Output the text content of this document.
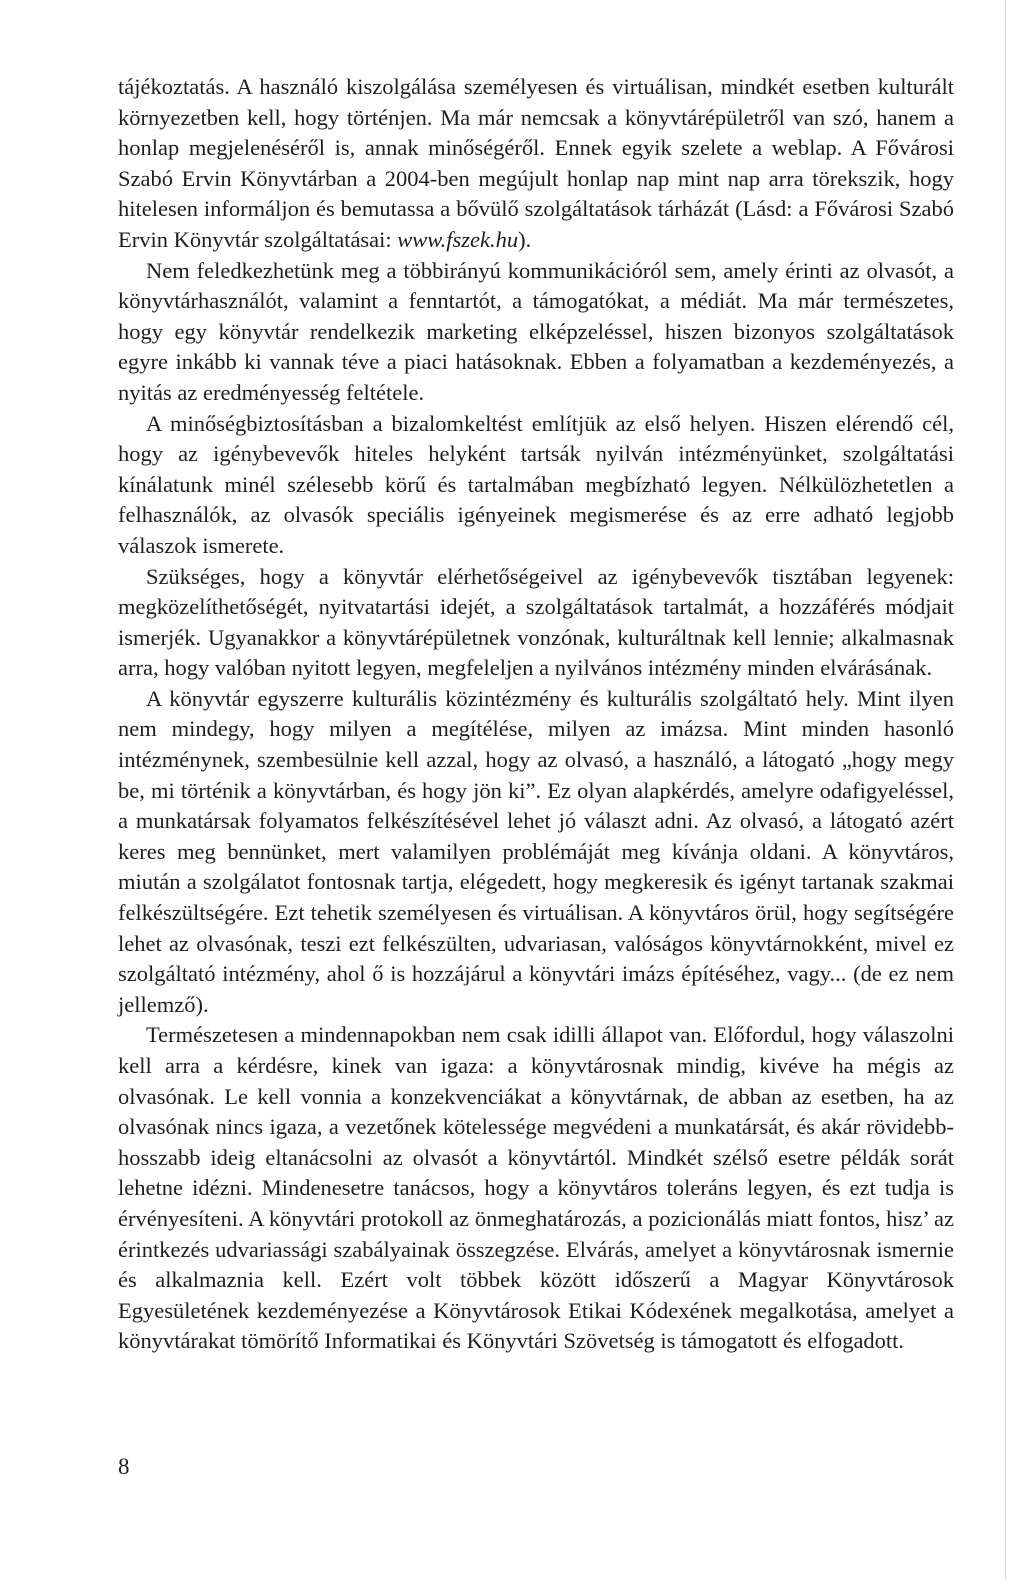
tájékoztatás. A használó kiszolgálása személyesen és virtuálisan, mindkét esetben kulturált környezetben kell, hogy történjen. Ma már nemcsak a könyvtárépületről van szó, hanem a honlap megjelenéséről is, annak minőségéről. Ennek egyik szelete a weblap. A Fővárosi Szabó Ervin Könyvtárban a 2004-ben megújult honlap nap mint nap arra törekszik, hogy hitelesen informáljon és bemutassa a bővülő szolgáltatások tárházát (Lásd: a Fővárosi Szabó Ervin Könyvtár szolgáltatásai: www.fszek.hu).

Nem feledkezhetünk meg a többirányú kommunikációról sem, amely érinti az olvasót, a könyvtárhasználót, valamint a fenntartót, a támogatókat, a médiát. Ma már természetes, hogy egy könyvtár rendelkezik marketing elképzeléssel, hiszen bizonyos szolgáltatások egyre inkább ki vannak téve a piaci hatásoknak. Ebben a folyamatban a kezdeményezés, a nyitás az eredményesség feltétele.

A minőségbiztosításban a bizalomkeltést említjük az első helyen. Hiszen elérendő cél, hogy az igénybevevők hiteles helyként tartsák nyilván intézményünket, szolgáltatási kínálatunk minél szélesebb körű és tartalmában megbízható legyen. Nélkülözhetetlen a felhasználók, az olvasók speciális igényeinek megismerése és az erre adható legjobb válaszok ismerete.

Szükséges, hogy a könyvtár elérhetőségeivel az igénybevevők tisztában legyenek: megközelíthetőségét, nyitvatartási idejét, a szolgáltatások tartalmát, a hozzáférés módjait ismerjék. Ugyanakkor a könyvtárépületnek vonzónak, kulturáltnak kell lennie; alkalmasnak arra, hogy valóban nyitott legyen, megfeleljen a nyilvános intézmény minden elvárásának.

A könyvtár egyszerre kulturális közintézmény és kulturális szolgáltató hely. Mint ilyen nem mindegy, hogy milyen a megítélése, milyen az imázsa. Mint minden hasonló intézménynek, szembesülnie kell azzal, hogy az olvasó, a használó, a látogató „hogy megy be, mi történik a könyvtárban, és hogy jön ki”. Ez olyan alapkérdés, amelyre odafigyeléssel, a munkatársak folyamatos felkészítésével lehet jó választ adni. Az olvasó, a látogató azért keres meg bennünket, mert valamilyen problémáját meg kívánja oldani. A könyvtáros, miután a szolgálatot fontosnak tartja, elégedett, hogy megkeresik és igényt tartanak szakmai felkészültségére. Ezt tehetik személyesen és virtuálisan. A könyvtáros örül, hogy segítségére lehet az olvasónak, teszi ezt felkészülten, udvariasan, valóságos könyvtárnokként, mivel ez szolgáltató intézmény, ahol ő is hozzájárul a könyvtári imázs építéséhez, vagy... (de ez nem jellemző).

Természetesen a mindennapokban nem csak idilli állapot van. Előfordul, hogy válaszolni kell arra a kérdésre, kinek van igaza: a könyvtárosnak mindig, kivéve ha mégis az olvasónak. Le kell vonnia a konzekvenciákat a könyvtárnak, de abban az esetben, ha az olvasónak nincs igaza, a vezetőnek kötelessége megvédeni a munkatársát, és akár rövidebb-hosszabb ideig eltanácsolni az olvasót a könyvtártól. Mindkét szélső esetre példák sorát lehetne idézni. Mindenesetre tanácsos, hogy a könyvtáros toleráns legyen, és ezt tudja is érvényesíteni. A könyvtári protokoll az önmeghatározás, a pozicionálás miatt fontos, hisz’ az érintkezés udvariassági szabályainak összegzése. Elvárás, amelyet a könyvtárosnak ismernie és alkalmaznia kell. Ezért volt többek között időszerű a Magyar Könyvtárosok Egyesületének kezdeményezése a Könyvtárosok Etikai Kódexének megalkotása, amelyet a könyvtárakat tömörítő Informatikai és Könyvtári Szövetség is támogatott és elfogadott.

8
